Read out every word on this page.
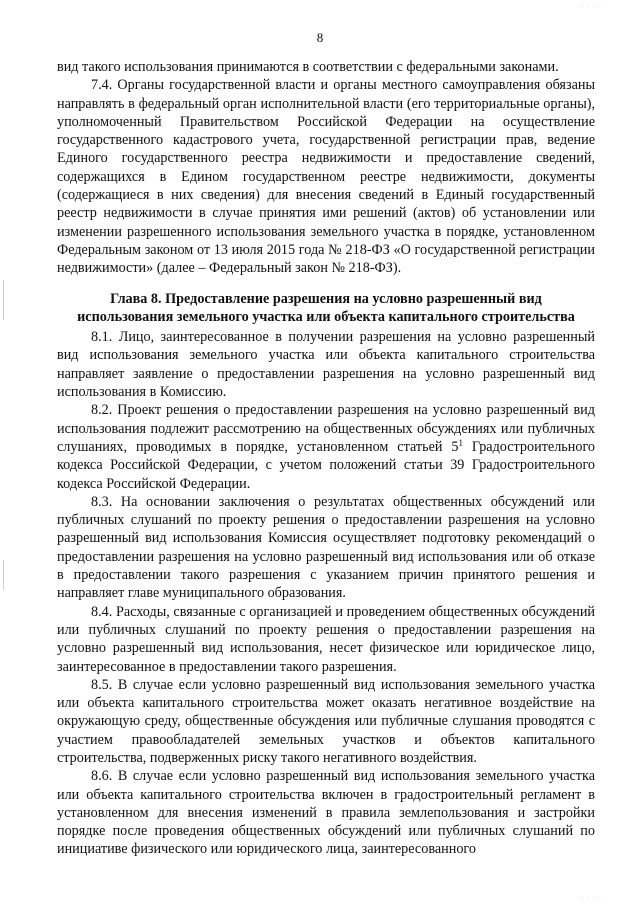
. . . .
. . . .
8

вид такого использования принимаются в соответствии с федеральными законами.

7.4. Органы государственной власти и органы местного самоуправления обязаны направлять в федеральный орган исполнительной власти (его территориальные органы), уполномоченный Правительством Российской Федерации на осуществление государственного кадастрового учета, государственной регистрации прав, ведение Единого государственного реестра недвижимости и предоставление сведений, содержащихся в Едином государственном реестре недвижимости, документы (содержащиеся в них сведения) для внесения сведений в Единый государственный реестр недвижимости в случае принятия ими решений (актов) об установлении или изменении разрешенного использования земельного участка в порядке, установленном Федеральным законом от 13 июля 2015 года № 218-ФЗ «О государственной регистрации недвижимости» (далее – Федеральный закон № 218-ФЗ).

Глава 8. Предоставление разрешения на условно разрешенный вид
использования земельного участка или объекта капитального строительства

8.1. Лицо, заинтересованное в получении разрешения на условно разрешенный вид использования земельного участка или объекта капитального строительства направляет заявление о предоставлении разрешения на условно разрешенный вид использования в Комиссию.

8.2. Проект решения о предоставлении разрешения на условно разрешенный вид использования подлежит рассмотрению на общественных обсуждениях или публичных слушаниях, проводимых в порядке, установленном статьей $5^1$ Градостроительного кодекса Российской Федерации, с учетом положений статьи 39 Градостроительного кодекса Российской Федерации.

8.3. На основании заключения о результатах общественных обсуждений или публичных слушаний по проекту решения о предоставлении разрешения на условно разрешенный вид использования Комиссия осуществляет подготовку рекомендаций о предоставлении разрешения на условно разрешенный вид использования или об отказе в предоставлении такого разрешения с указанием причин принятого решения и направляет главе муниципального образования.

8.4. Расходы, связанные с организацией и проведением общественных обсуждений или публичных слушаний по проекту решения о предоставлении разрешения на условно разрешенный вид использования, несет физическое или юридическое лицо, заинтересованное в предоставлении такого разрешения.

8.5. В случае если условно разрешенный вид использования земельного участка или объекта капитального строительства может оказать негативное воздействие на окружающую среду, общественные обсуждения или публичные слушания проводятся с участием правообладателей земельных участков и объектов капитального строительства, подверженных риску такого негативного воздействия.

8.6. В случае если условно разрешенный вид использования земельного участка или объекта капитального строительства включен в градостроительный регламент в установленном для внесения изменений в правила землепользования и застройки порядке после проведения общественных обсуждений или публичных слушаний по инициативе физического или юридического лица, заинтересованного
